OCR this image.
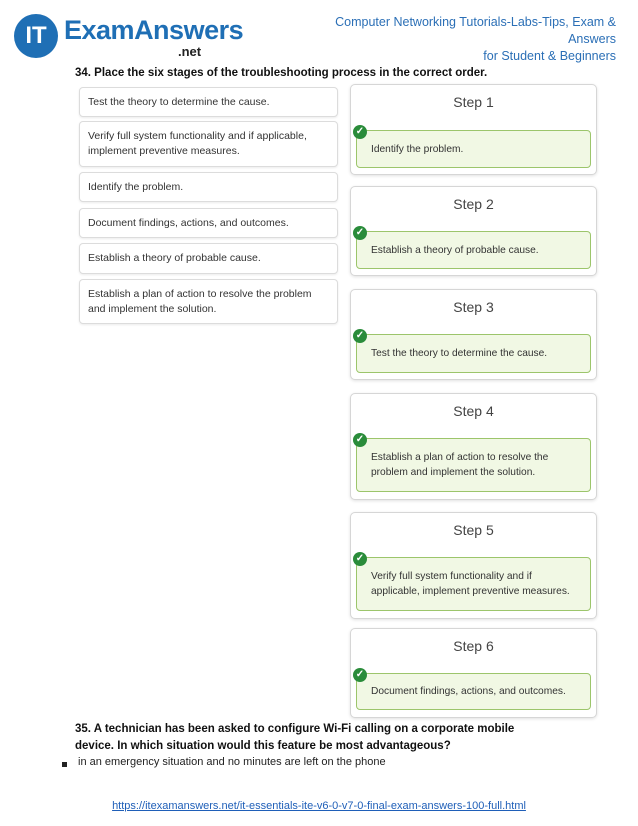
IT ExamAnswers
.net
Computer Networking Tutorials-Labs-Tips, Exam & Answers
for Student & Beginners
34. Place the six stages of the troubleshooting process in the correct order.
Test the theory to determine the cause.
Verify full system functionality and if applicable, implement preventive measures.
Identify the problem.
Document findings, actions, and outcomes.
Establish a theory of probable cause.
Establish a plan of action to resolve the problem and implement the solution.
Step 1
✓
Identify the problem.
Step 2
✓
Establish a theory of probable cause.
Step 3
✓
Test the theory to determine the cause.
Step 4
✓
Establish a plan of action to resolve the problem and implement the solution.
Step 5
✓
Verify full system functionality and if applicable, implement preventive measures.
Step 6
✓
Document findings, actions, and outcomes.
35. A technician has been asked to configure Wi-Fi calling on a corporate mobile device. In which situation would this feature be most advantageous?
in an emergency situation and no minutes are left on the phone
https://itexamanswers.net/it-essentials-ite-v6-0-v7-0-final-exam-answers-100-full.html
